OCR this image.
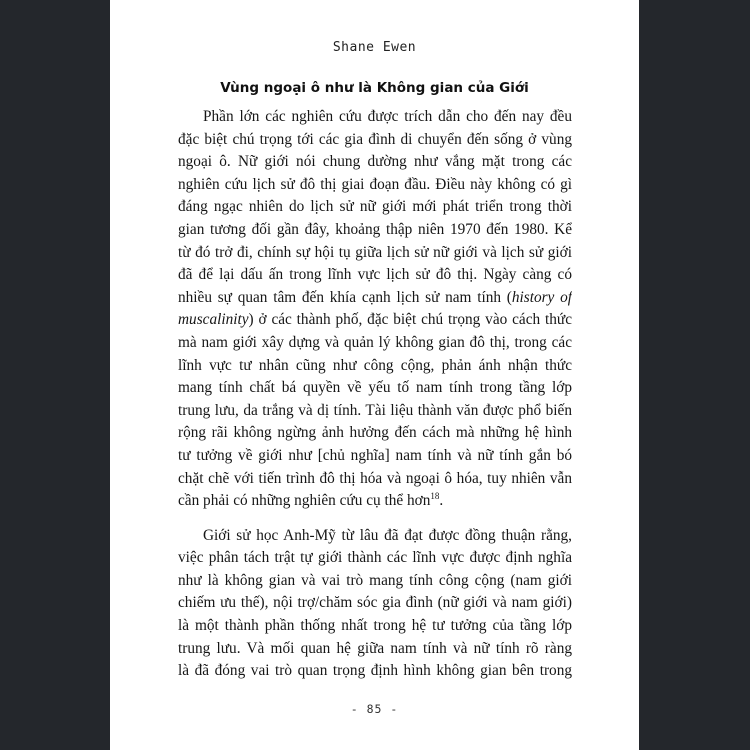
Shane Ewen
Vùng ngoại ô như là Không gian của Giới
Phần lớn các nghiên cứu được trích dẫn cho đến nay đều
đặc biệt chú trọng tới các gia đình di chuyển đến sống ở vùng
ngoại ô. Nữ giới nói chung dường như vắng mặt trong các
nghiên cứu lịch sử đô thị giai đoạn đầu. Điều này không có gì
đáng ngạc nhiên do lịch sử nữ giới mới phát triển trong thời
gian tương đối gần đây, khoảng thập niên 1970 đến 1980. Kể
từ đó trở đi, chính sự hội tụ giữa lịch sử nữ giới và lịch sử giới
đã để lại dấu ấn trong lĩnh vực lịch sử đô thị. Ngày càng có
nhiều sự quan tâm đến khía cạnh lịch sử nam tính (history of
muscalinity) ở các thành phố, đặc biệt chú trọng vào cách thức
mà nam giới xây dựng và quản lý không gian đô thị, trong các
lĩnh vực tư nhân cũng như công cộng, phản ánh nhận thức
mang tính chất bá quyền về yếu tố nam tính trong tầng lớp
trung lưu, da trắng và dị tính. Tài liệu thành văn được phổ biến
rộng rãi không ngừng ảnh hưởng đến cách mà những hệ hình
tư tưởng về giới như [chủ nghĩa] nam tính và nữ tính gắn bó
chặt chẽ với tiến trình đô thị hóa và ngoại ô hóa, tuy nhiên vẫn
cần phải có những nghiên cứu cụ thể hơn$^{18}$.
Giới sử học Anh-Mỹ từ lâu đã đạt được đồng thuận rằng,
việc phân tách trật tự giới thành các lĩnh vực được định nghĩa
như là không gian và vai trò mang tính công cộng (nam giới
chiếm ưu thế), nội trợ/chăm sóc gia đình (nữ giới và nam giới)
là một thành phần thống nhất trong hệ tư tưởng của tầng lớp
trung lưu. Và mối quan hệ giữa nam tính và nữ tính rõ ràng
là đã đóng vai trò quan trọng định hình không gian bên trong
- 85 -
